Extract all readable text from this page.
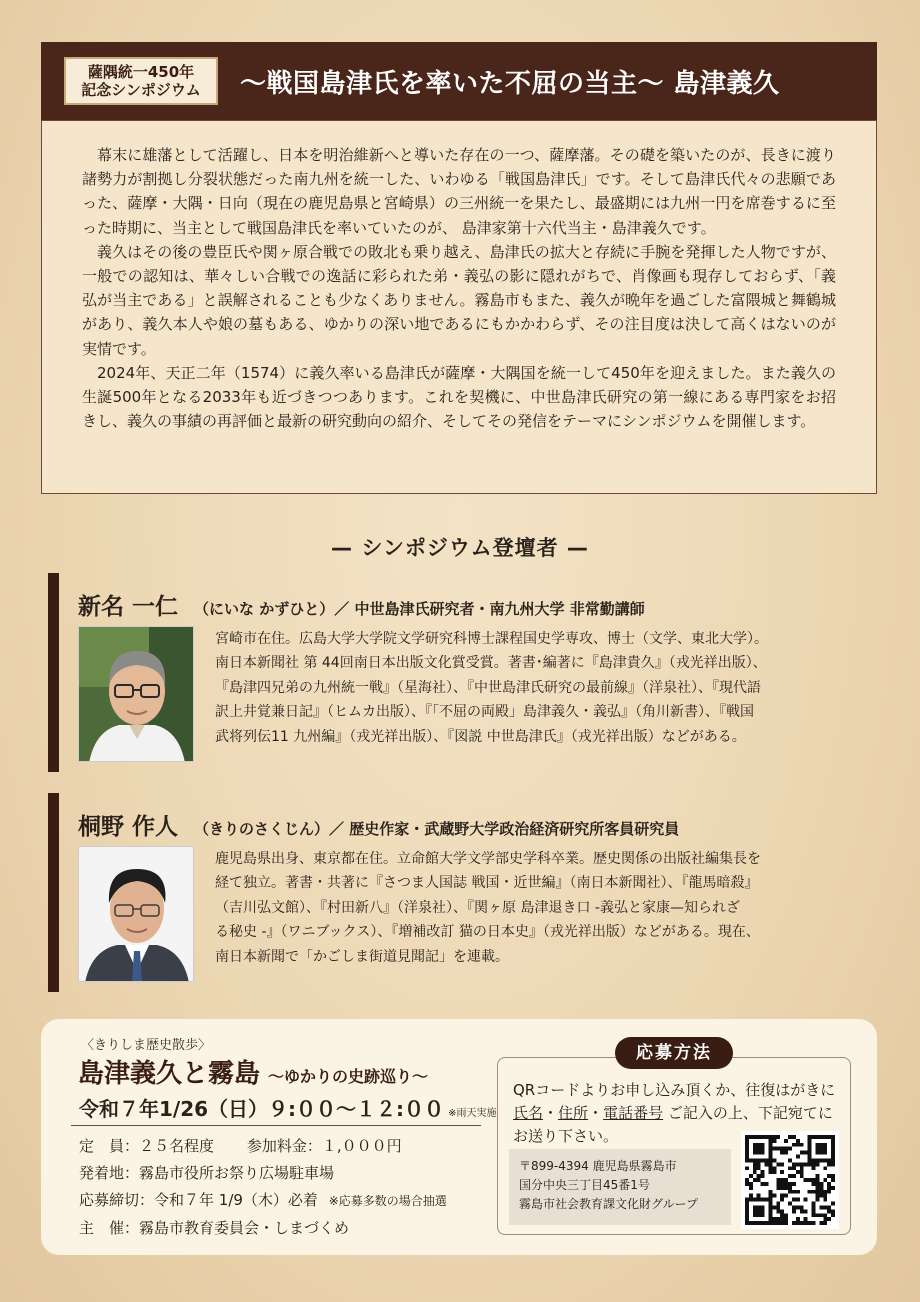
薩隅統一450年
記念シンポジウム 〜戦国島津氏を率いた不屈の当主〜 島津義久

幕末に雄藩として活躍し、日本を明治維新へと導いた存在の一つ、薩摩藩。その礎を築いたのが、長きに渡り諸勢力が割拠し分裂状態だった南九州を統一した、いわゆる「戦国島津氏」です。そして島津氏代々の悲願であった、薩摩・大隅・日向（現在の鹿児島県と宮崎県）の三州統一を果たし、最盛期には九州一円を席巻するに至った時期に、当主として戦国島津氏を率いていたのが、 島津家第十六代当主・島津義久です。

義久はその後の豊臣氏や関ヶ原合戦での敗北も乗り越え、島津氏の拡大と存続に手腕を発揮した人物ですが、一般での認知は、華々しい合戦での逸話に彩られた弟・義弘の影に隠れがちで、肖像画も現存しておらず、「義弘が当主である」と誤解されることも少なくありません。霧島市もまた、義久が晩年を過ごした富隈城と舞鶴城があり、義久本人や娘の墓もある、ゆかりの深い地であるにもかかわらず、その注目度は決して高くはないのが実情です。

2024年、天正二年（1574）に義久率いる島津氏が薩摩・大隅国を統一して450年を迎えました。また義久の生誕500年となる2033年も近づきつつあります。これを契機に、中世島津氏研究の第一線にある専門家をお招きし、義久の事績の再評価と最新の研究動向の紹介、そしてその発信をテーマにシンポジウムを開催します。

— シンポジウム登壇者 —
新名 一仁 （にいな かずひと）／ 中世島津氏研究者・南九州大学 非常勤講師
宮崎市在住。広島大学大学院文学研究科博士課程国史学専攻、博士（文学、東北大学）。
南日本新聞社 第 44回南日本出版文化賞受賞。著書･編著に『島津貴久』（戎光祥出版）、
『島津四兄弟の九州統一戦』（星海社）、『中世島津氏研究の最前線』（洋泉社）、『現代語
訳上井覚兼日記』（ヒムカ出版）、『「不屈の両殿」島津義久・義弘』（角川新書）、『戦国
武将列伝11 九州編』（戎光祥出版）、『図説 中世島津氏』（戎光祥出版）などがある。
桐野 作人 （きりのさくじん）／ 歴史作家・武蔵野大学政治経済研究所客員研究員
鹿児島県出身、東京都在住。立命館大学文学部史学科卒業。歴史関係の出版社編集長を
経て独立。著書・共著に『さつま人国誌 戦国・近世編』（南日本新聞社）、『龍馬暗殺』
（吉川弘文館）、『村田新八』（洋泉社）、『関ヶ原 島津退き口 -義弘と家康—知られざ
る秘史 -』（ワニブックス）、『増補改訂 猫の日本史』（戎光祥出版）などがある。現在、
南日本新聞で「かごしま街道見聞記」を連載。
〈きりしま歴史散歩〉
島津義久と霧島 〜ゆかりの史跡巡り〜
令和７年1/26（日）９:００〜１２:００ ※雨天実施
定　員：２５名程度 参加料金：１,０００円
発着地：霧島市役所お祭り広場駐車場
応募締切：令和７年 1/9（木）必着 ※応募多数の場合抽選
主　催：霧島市教育委員会・しまづくめ
応募方法
QRコードよりお申し込み頂くか、往復はがきに
氏名・住所・電話番号 ご記入の上、下記宛てに
お送り下さい。
〒899-4394 鹿児島県霧島市
国分中央三丁目45番1号
霧島市社会教育課文化財グループ
